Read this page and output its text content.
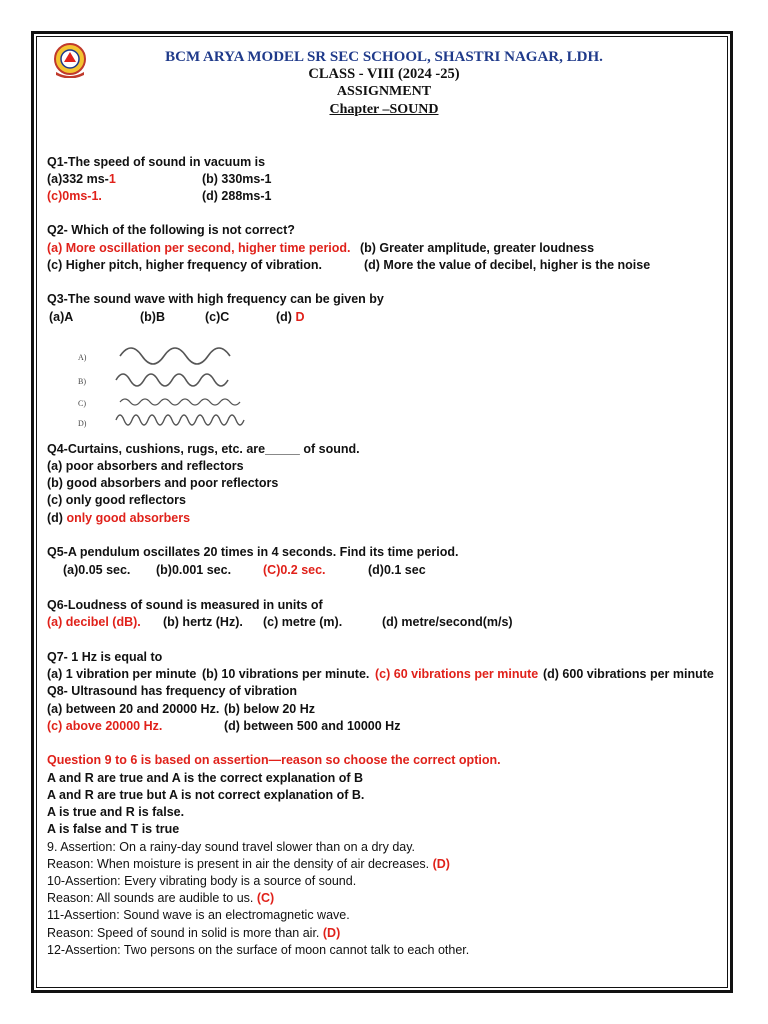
BCM ARYA MODEL SR SEC SCHOOL, SHASTRI NAGAR, LDH.
CLASS - VIII (2024 -25)
ASSIGNMENT
Chapter –SOUND
Q1-The speed of sound in vacuum is
(a)332 ms-1	(b) 330ms-1
(c)0ms-1.	(d) 288ms-1
Q2- Which of the following is not correct?
(a) More oscillation per second, higher time period. (b) Greater amplitude, greater loudness
(c) Higher pitch, higher frequency of vibration.	(d) More the value of decibel, higher is the noise
Q3-The sound wave with high frequency can be given by
(a)A	(b)B	(c)C	(d) D
Q4-Curtains, cushions, rugs, etc. are_____ of sound.
(a) poor absorbers and reflectors
(b) good absorbers and poor reflectors
(c) only good reflectors
(d) only good absorbers
Q5-A pendulum oscillates 20 times in 4 seconds. Find its time period.
(a)0.05 sec. (b)0.001 sec.	(C)0.2 sec.	(d)0.1 sec
Q6-Loudness of sound is measured in units of
(a) decibel (dB). (b) hertz (Hz). (c) metre (m).	(d) metre/second(m/s)
Q7- 1 Hz is equal to
(a) 1 vibration per minute (b) 10 vibrations per minute. (c) 60 vibrations per minute (d) 600 vibrations per minute
Q8- Ultrasound has frequency of vibration
(a) between 20 and 20000 Hz. (b) below 20 Hz
(c) above 20000 Hz.	(d) between 500 and 10000 Hz
Question 9 to 6 is based on assertion—reason so choose the correct option.
A and R are true and A is the correct explanation of B
A and R are true but A is not correct explanation of B.
A is true and R is false.
A is false and T is true
9. Assertion: On a rainy-day sound travel slower than on a dry day.
Reason: When moisture is present in air the density of air decreases. (D)
10-Assertion: Every vibrating body is a source of sound.
Reason: All sounds are audible to us. (C)
11-Assertion: Sound wave is an electromagnetic wave.
Reason: Speed of sound in solid is more than air. (D)
12-Assertion: Two persons on the surface of moon cannot talk to each other.
A)
B)
C)
D)
